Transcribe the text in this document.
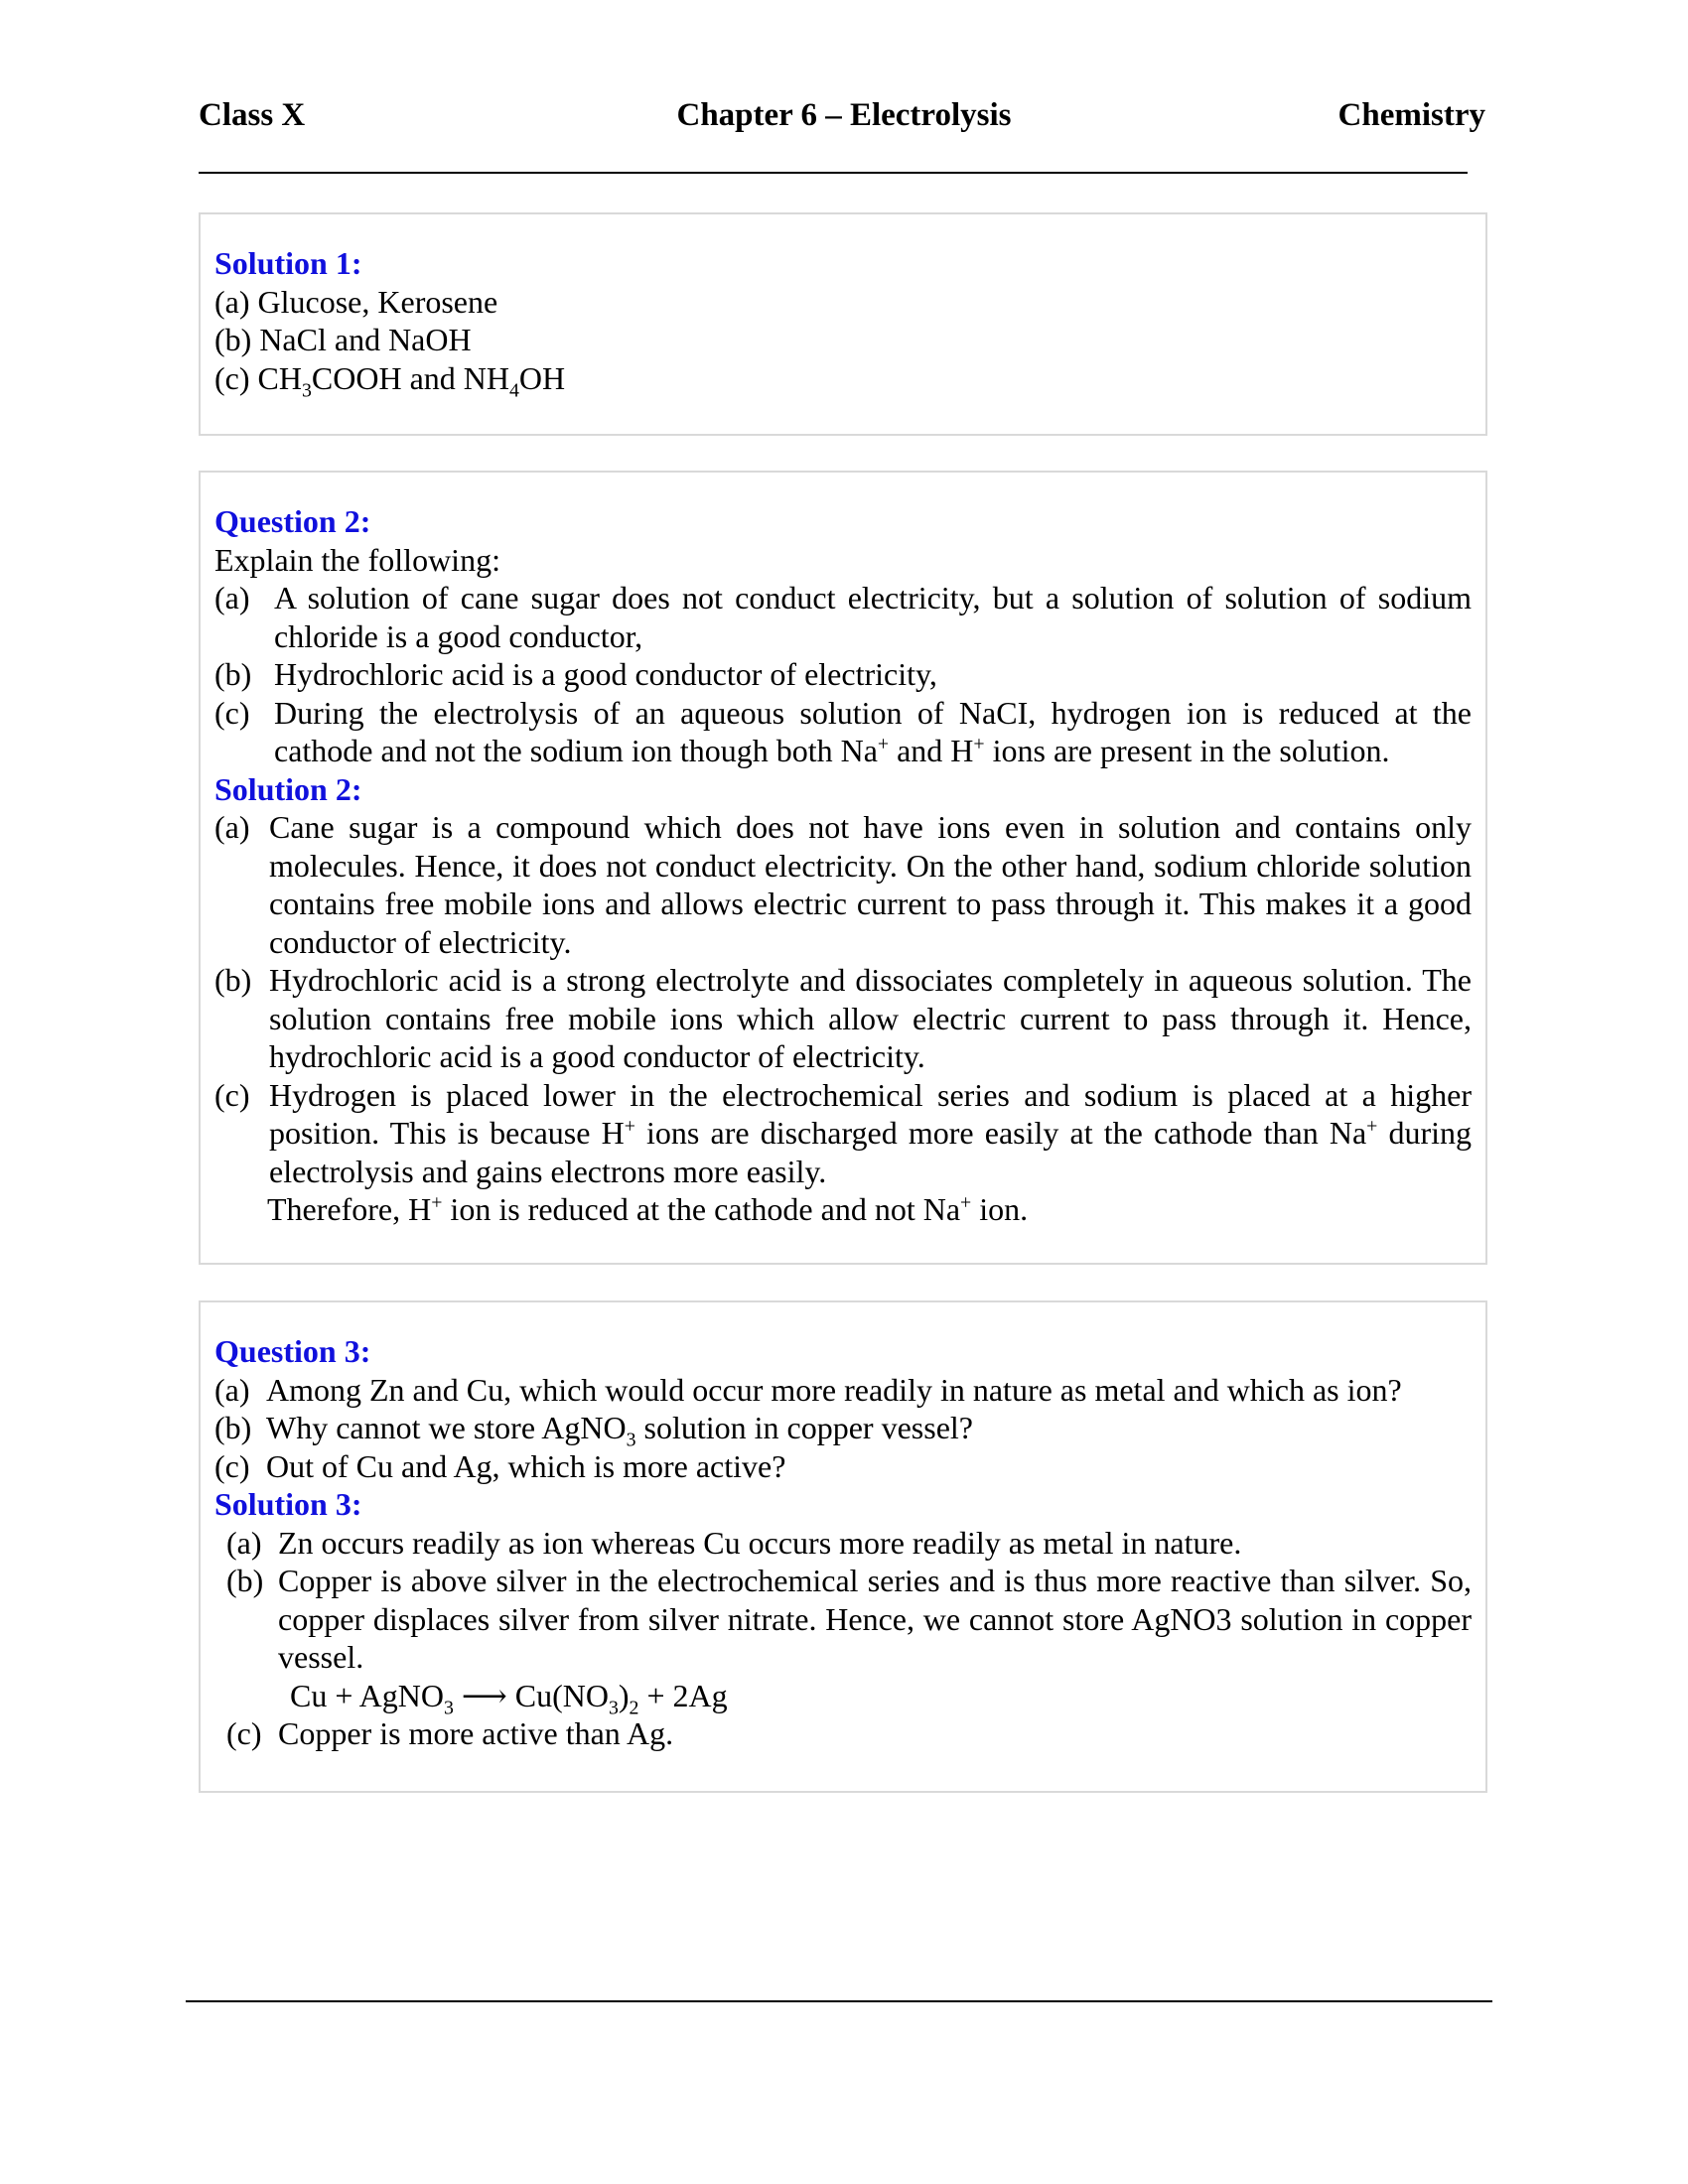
Class X	Chapter 6 – Electrolysis	Chemistry
Solution 1:
(a) Glucose, Kerosene
(b) NaCl and NaOH
(c) $CH_3COOH$ and $NH_4OH$
Question 2:
Explain the following:
(a) A solution of cane sugar does not conduct electricity, but a solution of solution of sodium chloride is a good conductor,
(b) Hydrochloric acid is a good conductor of electricity,
(c) During the electrolysis of an aqueous solution of NaCI, hydrogen ion is reduced at the cathode and not the sodium ion though both Na+ and H+ ions are present in the solution.
Solution 2:
(a) Cane sugar is a compound which does not have ions even in solution and contains only molecules. Hence, it does not conduct electricity. On the other hand, sodium chloride solution contains free mobile ions and allows electric current to pass through it. This makes it a good conductor of electricity.
(b) Hydrochloric acid is a strong electrolyte and dissociates completely in aqueous solution. The solution contains free mobile ions which allow electric current to pass through it. Hence, hydrochloric acid is a good conductor of electricity.
(c) Hydrogen is placed lower in the electrochemical series and sodium is placed at a higher position. This is because H+ ions are discharged more easily at the cathode than Na+ during electrolysis and gains electrons more easily.
Therefore, H+ ion is reduced at the cathode and not Na+ ion.
Question 3:
(a) Among Zn and Cu, which would occur more readily in nature as metal and which as ion?
(b) Why cannot we store AgNO$_3$ solution in copper vessel?
(c) Out of Cu and Ag, which is more active?
Solution 3:
(a) Zn occurs readily as ion whereas Cu occurs more readily as metal in nature.
(b) Copper is above silver in the electrochemical series and is thus more reactive than silver. So, copper displaces silver from silver nitrate. Hence, we cannot store AgNO3 solution in copper vessel.
Cu + AgNO$_3$ ⟶ $Cu(NO_3)_2 + 2Ag$
(c) Copper is more active than Ag.
